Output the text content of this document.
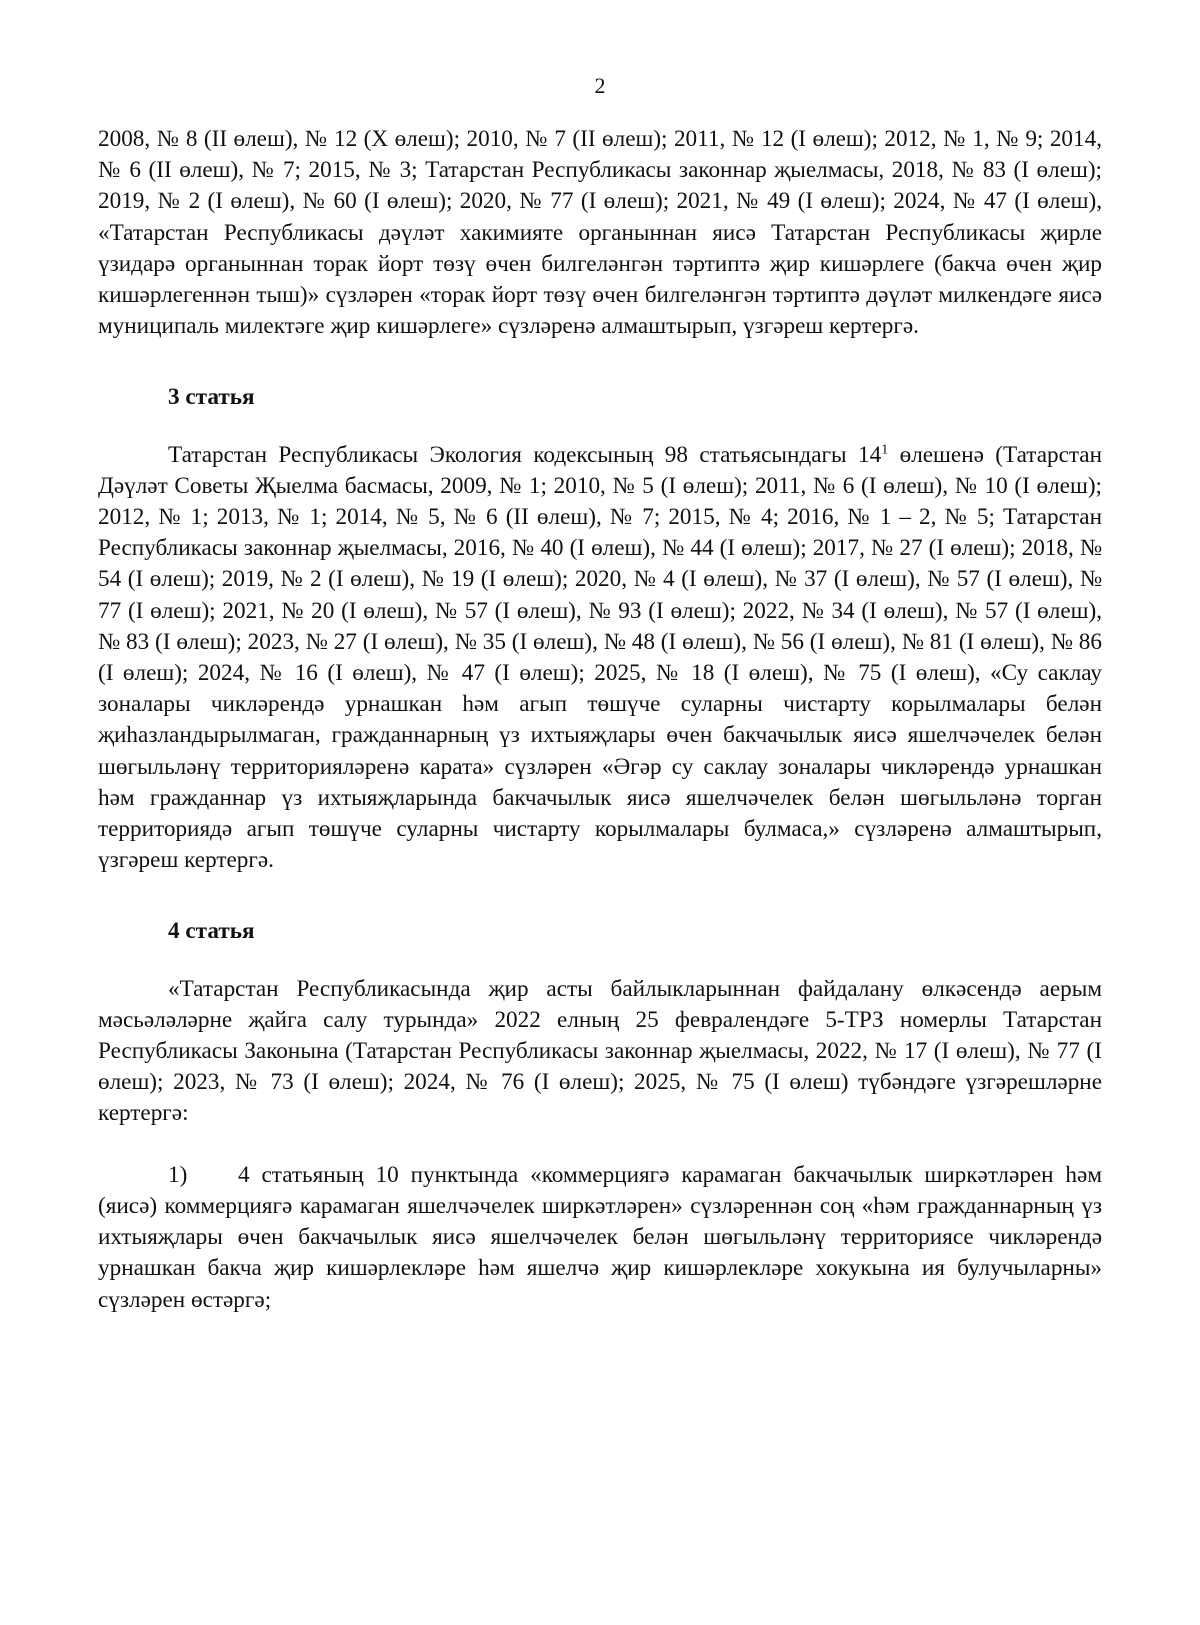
2

2008, № 8 (II өлеш), № 12 (X өлеш); 2010, № 7 (II өлеш); 2011, № 12 (I өлеш); 2012, № 1, № 9; 2014, № 6 (II өлеш), № 7; 2015, № 3; Татарстан Республикасы законнар җыелмасы, 2018, № 83 (I өлеш); 2019, № 2 (I өлеш), № 60 (I өлеш); 2020, № 77 (I өлеш); 2021, № 49 (I өлеш); 2024, № 47 (I өлеш), «Татарстан Республикасы дәүләт хакимияте органыннан яисә Татарстан Республикасы җирле үзидарә органыннан торак йорт төзү өчен билгеләнгән тәртиптә җир кишәрлеге (бакча өчен җир кишәрлегеннән тыш)» сүзләрен «торак йорт төзү өчен билгеләнгән тәртиптә дәүләт милкендәге яисә муниципаль милектәге җир кишәрлеге» сүзләренә алмаштырып, үзгәреш кертергә.

3 статья

Татарстан Республикасы Экология кодексының 98 статьясындагы $14^1$ өлешенә (Татарстан Дәүләт Советы Җыелма басмасы, 2009, № 1; 2010, № 5 (I өлеш); 2011, № 6 (I өлеш), № 10 (I өлеш); 2012, № 1; 2013, № 1; 2014, № 5, № 6 (II өлеш), № 7; 2015, № 4; 2016, № 1 – 2, № 5; Татарстан Республикасы законнар җыелмасы, 2016, № 40 (I өлеш), № 44 (I өлеш); 2017, № 27 (I өлеш); 2018, № 54 (I өлеш); 2019, № 2 (I өлеш), № 19 (I өлеш); 2020, № 4 (I өлеш), № 37 (I өлеш), № 57 (I өлеш), № 77 (I өлеш); 2021, № 20 (I өлеш), № 57 (I өлеш), № 93 (I өлеш); 2022, № 34 (I өлеш), № 57 (I өлеш), № 83 (I өлеш); 2023, № 27 (I өлеш), № 35 (I өлеш), № 48 (I өлеш), № 56 (I өлеш), № 81 (I өлеш), № 86 (I өлеш); 2024, № 16 (I өлеш), № 47 (I өлеш); 2025, № 18 (I өлеш), № 75 (I өлеш), «Су саклау зоналары чикләрендә урнашкан һәм агып төшүче суларны чистарту корылмалары белән җиһазландырылмаган, гражданнарның үз ихтыяҗлары өчен бакчачылык яисә яшелчәчелек белән шөгыльләнү территорияләренә карата» сүзләрен «Әгәр су саклау зоналары чикләрендә урнашкан һәм гражданнар үз ихтыяҗларында бакчачылык яисә яшелчәчелек белән шөгыльләнә торган территориядә агып төшүче суларны чистарту корылмалары булмаса,» сүзләренә алмаштырып, үзгәреш кертергә.

4 статья

«Татарстан Республикасында җир асты байлыкларыннан файдалану өлкәсендә аерым мәсьәләләрне җайга салу турында» 2022 елның 25 февралендәге 5-ТРЗ номерлы Татарстан Республикасы Законына (Татарстан Республикасы законнар җыелмасы, 2022, № 17 (I өлеш), № 77 (I өлеш); 2023, № 73 (I өлеш); 2024, № 76 (I өлеш); 2025, № 75 (I өлеш) түбәндәге үзгәрешләрне кертергә:

1) 4 статьяның 10 пунктында «коммерциягә карамаган бакчачылык ширкәтләрен һәм (яисә) коммерциягә карамаган яшелчәчелек ширкәтләрен» сүзләреннән соң «һәм гражданнарның үз ихтыяҗлары өчен бакчачылык яисә яшелчәчелек белән шөгыльләнү территориясе чикләрендә урнашкан бакча җир кишәрлекләре һәм яшелчә җир кишәрлекләре хокукына ия булучыларны» сүзләрен өстәргә;
